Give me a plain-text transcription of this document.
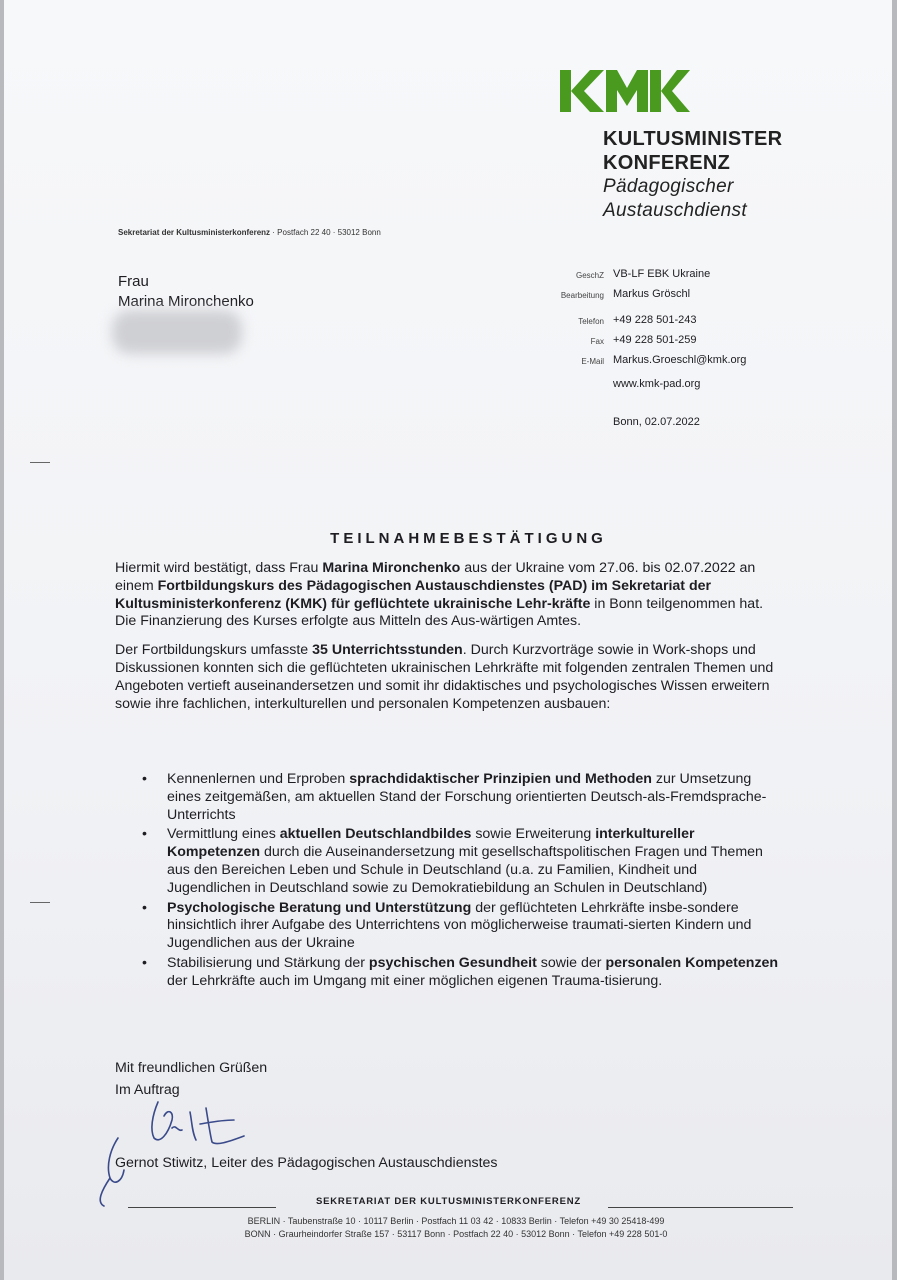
KULTUSMINISTER
KONFERENZ
Pädagogischer
Austauschdienst
Sekretariat der Kultusministerkonferenz · Postfach 22 40 · 53012 Bonn
Frau
Marina Mironchenko
GeschZ VB-LF EBK Ukraine
Bearbeitung Markus Gröschl
Telefon +49 228 501-243
Fax +49 228 501-259
E-Mail Markus.Groeschl@kmk.org
www.kmk-pad.org
Bonn, 02.07.2022
TEILNAHMEBESTÄTIGUNG

Hiermit wird bestätigt, dass Frau Marina Mironchenko aus der Ukraine vom 27.06. bis 02.07.2022 an einem Fortbildungskurs des Pädagogischen Austauschdienstes (PAD) im Sekretariat der Kultusministerkonferenz (KMK) für geflüchtete ukrainische Lehr-kräfte in Bonn teilgenommen hat. Die Finanzierung des Kurses erfolgte aus Mitteln des Aus-wärtigen Amtes.

Der Fortbildungskurs umfasste 35 Unterrichtsstunden. Durch Kurzvorträge sowie in Work-shops und Diskussionen konnten sich die geflüchteten ukrainischen Lehrkräfte mit folgenden zentralen Themen und Angeboten vertieft auseinandersetzen und somit ihr didaktisches und psychologisches Wissen erweitern sowie ihre fachlichen, interkulturellen und personalen Kompetenzen ausbauen:

• Kennenlernen und Erproben sprachdidaktischer Prinzipien und Methoden zur Umsetzung eines zeitgemäßen, am aktuellen Stand der Forschung orientierten Deutsch-als-Fremdsprache-Unterrichts
• Vermittlung eines aktuellen Deutschlandbildes sowie Erweiterung interkultureller Kompetenzen durch die Auseinandersetzung mit gesellschaftspolitischen Fragen und Themen aus den Bereichen Leben und Schule in Deutschland (u.a. zu Familien, Kindheit und Jugendlichen in Deutschland sowie zu Demokratiebildung an Schulen in Deutschland)
• Psychologische Beratung und Unterstützung der geflüchteten Lehrkräfte insbe-sondere hinsichtlich ihrer Aufgabe des Unterrichtens von möglicherweise traumati-sierten Kindern und Jugendlichen aus der Ukraine
• Stabilisierung und Stärkung der psychischen Gesundheit sowie der personalen Kompetenzen der Lehrkräfte auch im Umgang mit einer möglichen eigenen Trauma-tisierung.
Mit freundlichen Grüßen
Im Auftrag
Gernot Stiwitz, Leiter des Pädagogischen Austauschdienstes
SEKRETARIAT DER KULTUSMINISTERKONFERENZ
BERLIN · Taubenstraße 10 · 10117 Berlin · Postfach 11 03 42 · 10833 Berlin · Telefon +49 30 25418-499
BONN · Graurheindorfer Straße 157 · 53117 Bonn · Postfach 22 40 · 53012 Bonn · Telefon +49 228 501-0
